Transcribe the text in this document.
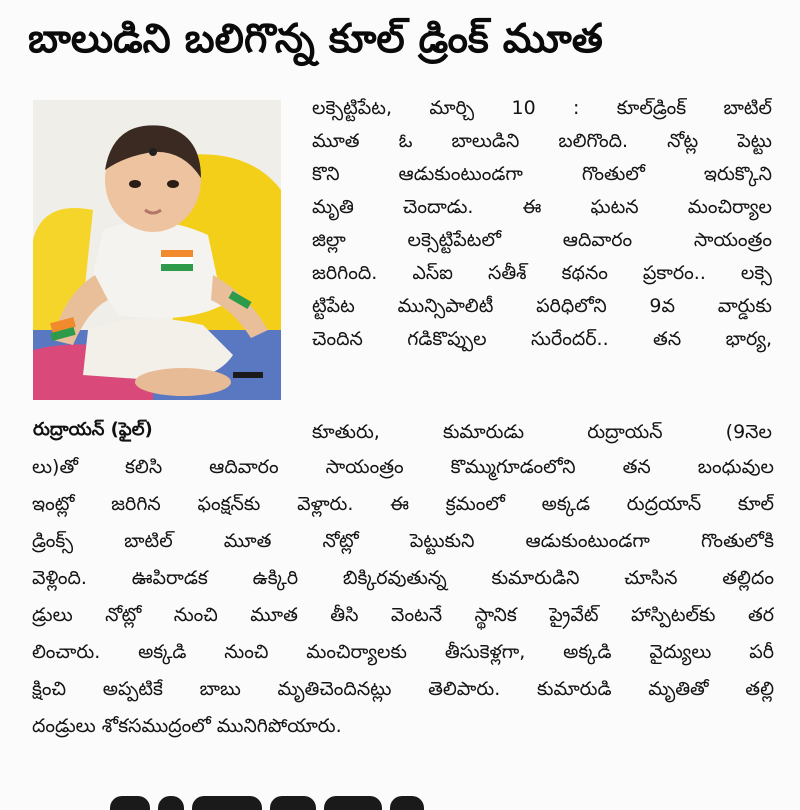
బాలుడిని బలిగొన్న కూల్ డ్రింక్ మూత
రుద్రాయన్ (ఫైల్)
లక్సెట్టిపేట, మార్చి 10 : కూల్‌డ్రింక్ బాటిల్
మూత ఓ బాలుడిని బలిగొంది. నోట్ల పెట్టు
కొని ఆడుకుంటుండగా గొంతులో ఇరుక్కొని
మృతి చెందాడు. ఈ ఘటన మంచిర్యాల
జిల్లా లక్సెట్టిపేటలో ఆదివారం సాయంత్రం
జరిగింది. ఎస్ఐ సతీశ్ కథనం ప్రకారం.. లక్సె
ట్టిపేట మున్సిపాలిటీ పరిధిలోని 9వ వార్డుకు
చెందిన గడికొప్పుల సురేందర్.. తన భార్య,
కూతురు, కుమారుడు రుద్రాయన్ (9నెల
లు)తో కలిసి ఆదివారం సాయంత్రం కొమ్ముగూడంలోని తన బంధువుల
ఇంట్లో జరిగిన ఫంక్షన్‌కు వెళ్లారు. ఈ క్రమంలో అక్కడ రుద్రయాన్ కూల్
డ్రింక్స్ బాటిల్ మూత నోట్లో పెట్టుకుని ఆడుకుంటుండగా గొంతులోకి
వెళ్లింది. ఊపిరాడక ఉక్కిరి బిక్కిరవుతున్న కుమారుడిని చూసిన తల్లిదం
డ్రులు నోట్లో నుంచి మూత తీసి వెంటనే స్థానిక ప్రైవేట్ హాస్పిటల్‌కు తర
లించారు. అక్కడి నుంచి మంచిర్యాలకు తీసుకెళ్లగా, అక్కడి వైద్యులు పరీ
క్షించి అప్పటికే బాబు మృతిచెందినట్లు తెలిపారు. కుమారుడి మృతితో తల్లి
దండ్రులు శోకసముద్రంలో మునిగిపోయారు.
